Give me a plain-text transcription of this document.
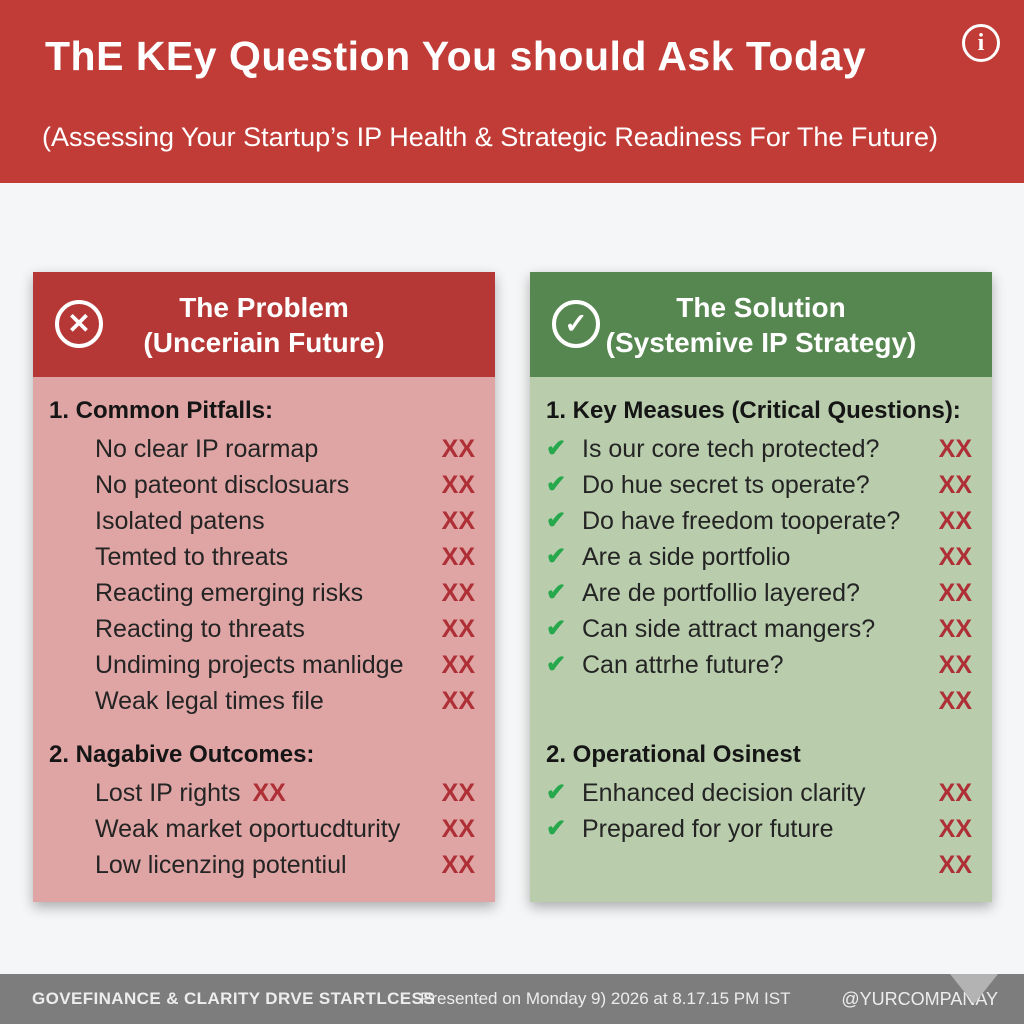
ThE KEy Question You should Ask Today
(Assessing Your Startup’s IP Health & Strategic Readiness For The Future)
i
✕
The Problem
(Unceriain Future)
1. Common Pitfalls:
No clear IP roarmap	XX
No pateont disclosuars	XX
Isolated patens	XX
Temted to threats	XX
Reacting emerging risks	XX
Reacting to threats	XX
Undiming projects manlidge XX
Weak legal times file	XX
2. Nagabive Outcomes:
Lost IP rights XX	XX
Weak market oportucdturity XX
Low licenzing potentiul	XX
✓
The Solution
(Systemive IP Strategy)
1. Key Measues (Critical Questions):
✔ Is our core tech protected? XX
✔ Do hue secret ts operate?	XX
✔ Do have freedom tooperate? XX
✔ Are a side portfolio	XX
✔ Are de portfollio layered?	XX
✔ Can side attract mangers?	XX
✔ Can attrhe future?	XX
XX
2. Operational Osinest
✔ Enhanced decision clarity	XX
✔ Prepared for yor future	XX
XX
GOVEFINANCE & CLARITY DRVE STARTLCESS
Presented on Monday 9) 2026 at 8.17.15 PM IST	@YURCOMPANAY
